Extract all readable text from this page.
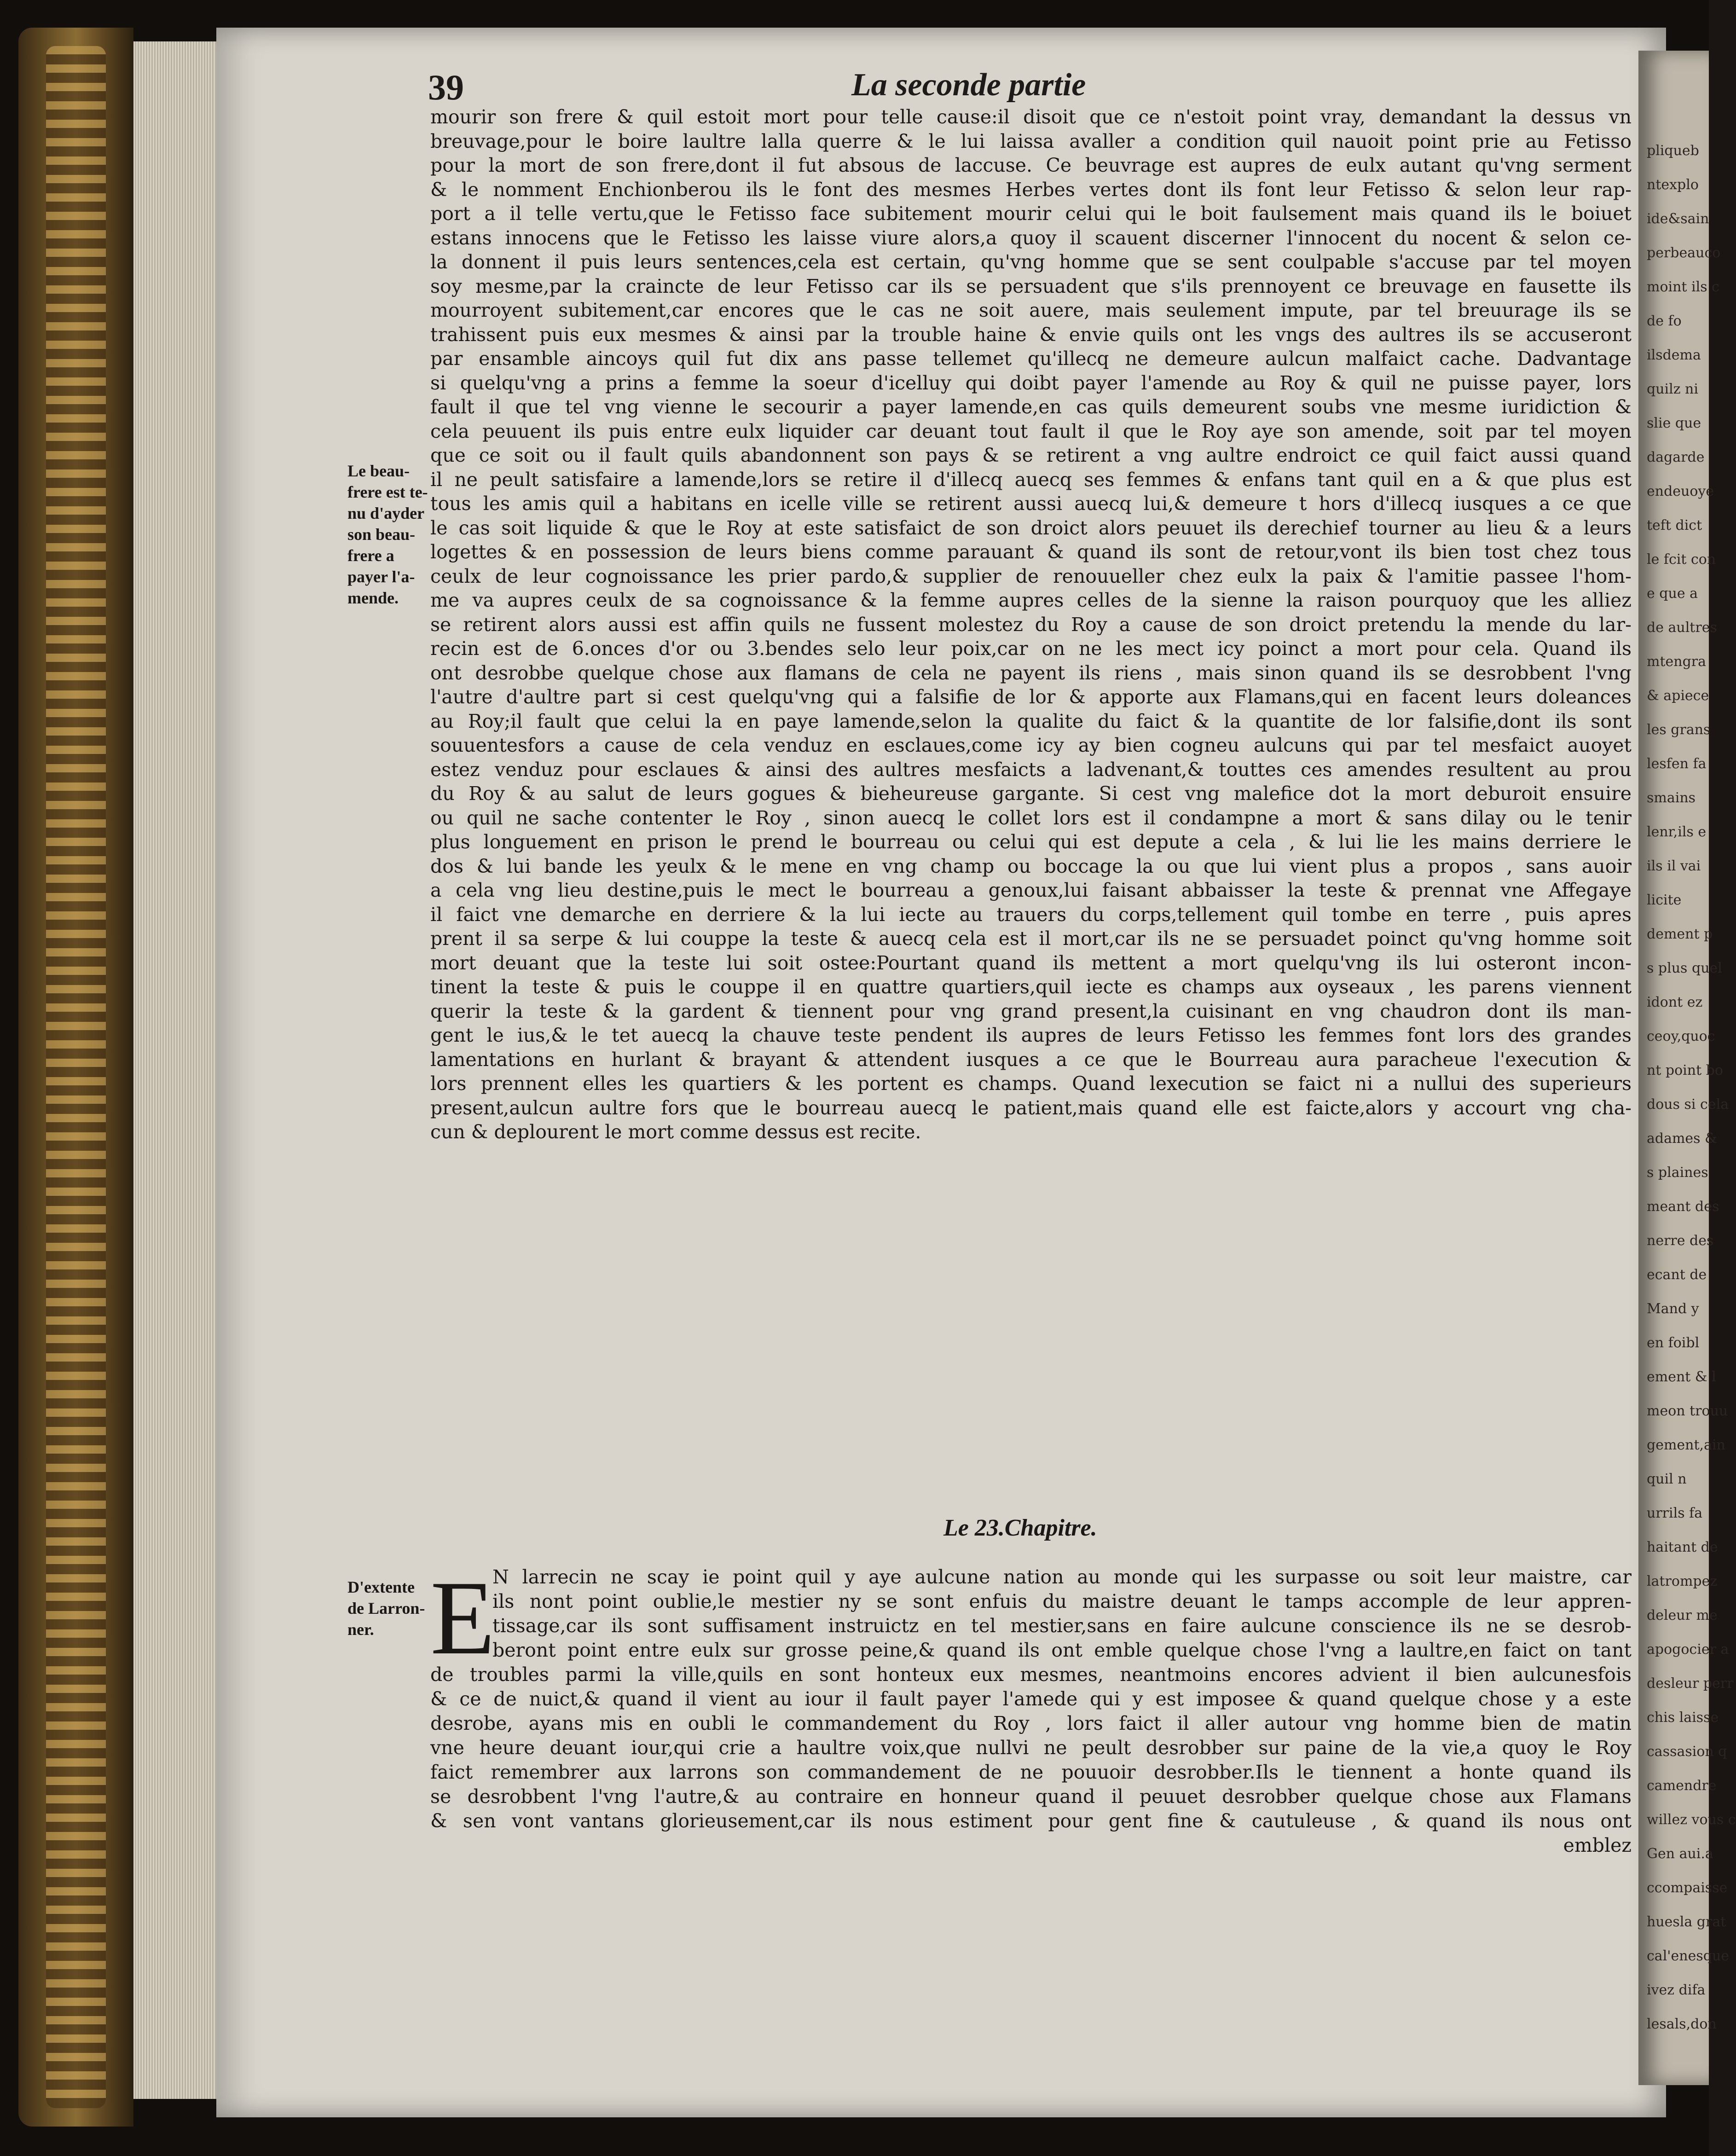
pliqueb
ntexplo
ide&sain
perbeauco
moint ils c
de fo
ilsdema
quilz ni
slie que
dagarde
endeuoye
teft dict
le fcit con
e que a
de aultres
mtengra
& apiece
les grans
lesfen fa
smains
lenr,ils e
ils il vai
licite
dement p
s plus quel
idont ez
ceoy,quoc
nt point bo
dous si cela
adames &
s plaines
meant des
nerre des
ecant de
Mand y
en foibl
ement & l
meon trouu
gement,ain
quil n
urrils fa
haitant de
latrompez
deleur me
apogocier a
desleur perr
chis laisse
cassasion q
camendre
willez vous c
Gen aui.a
ccompaisse
huesla grat
cal'enesque
ivez difa
lesals,don
39	La seconde partie
mourir son frere & quil estoit mort pour telle cause:il disoit que ce n'estoit point vray, demandant la dessus vn
breuvage,pour le boire laultre lalla querre & le lui laissa avaller a condition quil nauoit point prie au Fetisso
pour la mort de son frere,dont il fut absous de laccuse. Ce beuvrage est aupres de eulx autant qu'vng serment
& le nomment Enchionberou ils le font des mesmes Herbes vertes dont ils font leur Fetisso & selon leur rap-
port a il telle vertu,que le Fetisso face subitement mourir celui qui le boit faulsement mais quand ils le boiuet
estans innocens que le Fetisso les laisse viure alors,a quoy il scauent discerner l'innocent du nocent & selon ce-
la donnent il puis leurs sentences,cela est certain, qu'vng homme que se sent coulpable s'accuse par tel moyen
soy mesme,par la craincte de leur Fetisso car ils se persuadent que s'ils prennoyent ce breuvage en fausette ils
mourroyent subitement,car encores que le cas ne soit auere, mais seulement impute, par tel breuurage ils se
trahissent puis eux mesmes & ainsi par la trouble haine & envie quils ont les vngs des aultres ils se accuseront
par ensamble aincoys quil fut dix ans passe tellemet qu'illecq ne demeure aulcun malfaict cache. Dadvantage
si quelqu'vng a prins a femme la soeur d'icelluy qui doibt payer l'amende au Roy & quil ne puisse payer, lors
fault il que tel vng vienne le secourir a payer lamende,en cas quils demeurent soubs vne mesme iuridiction &
cela peuuent ils puis entre eulx liquider car deuant tout fault il que le Roy aye son amende, soit par tel moyen
que ce soit ou il fault quils abandonnent son pays & se retirent a vng aultre endroict ce quil faict aussi quand
il ne peult satisfaire a lamende,lors se retire il d'illecq auecq ses femmes & enfans tant quil en a & que plus est
tous les amis quil a habitans en icelle ville se retirent aussi auecq lui,& demeure t hors d'illecq iusques a ce que
le cas soit liquide & que le Roy at este satisfaict de son droict alors peuuet ils derechief tourner au lieu & a leurs
logettes & en possession de leurs biens comme parauant & quand ils sont de retour,vont ils bien tost chez tous
ceulx de leur cognoissance les prier pardo,& supplier de renouueller chez eulx la paix & l'amitie passee l'hom-
me va aupres ceulx de sa cognoissance & la femme aupres celles de la sienne la raison pourquoy que les alliez
se retirent alors aussi est affin quils ne fussent molestez du Roy a cause de son droict pretendu la mende du lar-
recin est de 6.onces d'or ou 3.bendes selo leur poix,car on ne les mect icy poinct a mort pour cela. Quand ils
ont desrobbe quelque chose aux flamans de cela ne payent ils riens , mais sinon quand ils se desrobbent l'vng
l'autre d'aultre part si cest quelqu'vng qui a falsifie de lor & apporte aux Flamans,qui en facent leurs doleances
au Roy;il fault que celui la en paye lamende,selon la qualite du faict & la quantite de lor falsifie,dont ils sont
souuentesfors a cause de cela venduz en esclaues,come icy ay bien cogneu aulcuns qui par tel mesfaict auoyet
estez venduz pour esclaues & ainsi des aultres mesfaicts a ladvenant,& touttes ces amendes resultent au prou
du Roy & au salut de leurs gogues & bieheureuse gargante. Si cest vng malefice dot la mort deburoit ensuire
ou quil ne sache contenter le Roy , sinon auecq le collet lors est il condampne a mort & sans dilay ou le tenir
plus longuement en prison le prend le bourreau ou celui qui est depute a cela , & lui lie les mains derriere le
dos & lui bande les yeulx & le mene en vng champ ou boccage la ou que lui vient plus a propos , sans auoir
a cela vng lieu destine,puis le mect le bourreau a genoux,lui faisant abbaisser la teste & prennat vne Affegaye
il faict vne demarche en derriere & la lui iecte au trauers du corps,tellement quil tombe en terre , puis apres
prent il sa serpe & lui couppe la teste & auecq cela est il mort,car ils ne se persuadet poinct qu'vng homme soit
mort deuant que la teste lui soit ostee:Pourtant quand ils mettent a mort quelqu'vng ils lui osteront incon-
tinent la teste & puis le couppe il en quattre quartiers,quil iecte es champs aux oyseaux , les parens viennent
querir la teste & la gardent & tiennent pour vng grand present,la cuisinant en vng chaudron dont ils man-
gent le ius,& le tet auecq la chauve teste pendent ils aupres de leurs Fetisso les femmes font lors des grandes
lamentations en hurlant & brayant & attendent iusques a ce que le Bourreau aura paracheue l'execution &
lors prennent elles les quartiers & les portent es champs. Quand lexecution se faict ni a nullui des superieurs
present,aulcun aultre fors que le bourreau auecq le patient,mais quand elle est faicte,alors y accourt vng cha-
cun & deplourent le mort comme dessus est recite.
Le beau-
frere est te-
nu d'ayder
son beau-
frere a
payer l'a-
mende.
Le 23.Chapitre.
D'extente
de Larron-
ner. E
N larrecin ne scay ie point quil y aye aulcune nation au monde qui les surpasse ou soit leur maistre, car
ils nont point oublie,le mestier ny se sont enfuis du maistre deuant le tamps accomple de leur appren-
tissage,car ils sont suffisament instruictz en tel mestier,sans en faire aulcune conscience ils ne se desrob-
beront point entre eulx sur grosse peine,& quand ils ont emble quelque chose l'vng a laultre,en faict on tant
de troubles parmi la ville,quils en sont honteux eux mesmes, neantmoins encores advient il bien aulcunesfois
& ce de nuict,& quand il vient au iour il fault payer l'amede qui y est imposee & quand quelque chose y a este
desrobe, ayans mis en oubli le commandement du Roy , lors faict il aller autour vng homme bien de matin
vne heure deuant iour,qui crie a haultre voix,que nullvi ne peult desrobber sur paine de la vie,a quoy le Roy
faict remembrer aux larrons son commandement de ne pouuoir desrobber.Ils le tiennent a honte quand ils
se desrobbent l'vng l'autre,& au contraire en honneur quand il peuuet desrobber quelque chose aux Flamans
& sen vont vantans glorieusement,car ils nous estiment pour gent fine & cautuleuse , & quand ils nous ont
emblez
